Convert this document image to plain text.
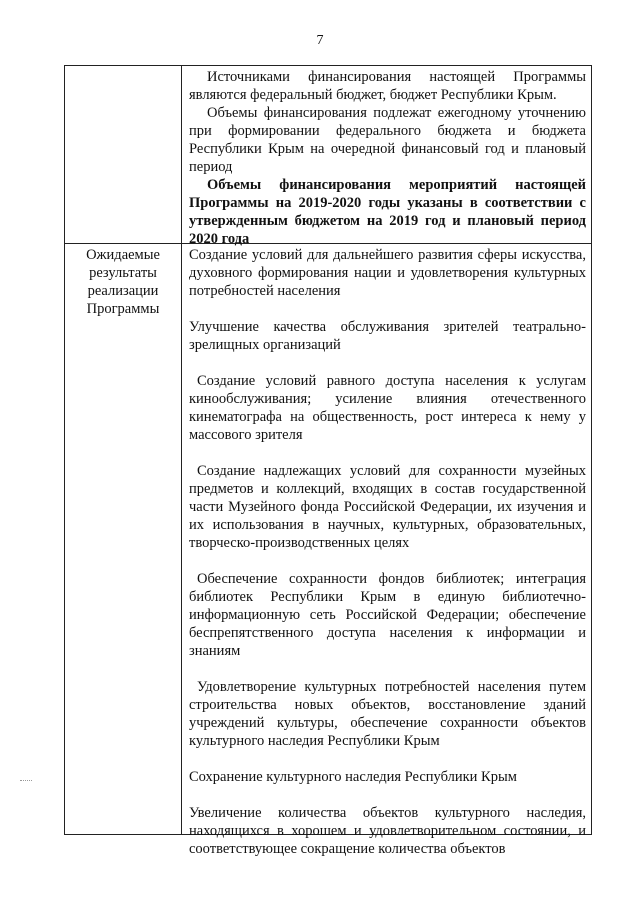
7

Источниками финансирования настоящей Программы являются федеральный бюджет, бюджет Республики Крым.

Объемы финансирования подлежат ежегодному уточнению при формировании федерального бюджета и бюджета Республики Крым на очередной финансовый год и плановый период

Объемы финансирования мероприятий настоящей Программы на 2019-2020 годы указаны в соответствии с утвержденным бюджетом на 2019 год и плановый период 2020 года

Ожидаемые результаты реализации Программы

Создание условий для дальнейшего развития сферы искусства, духовного формирования нации и удовлетворения культурных потребностей населения

Улучшение качества обслуживания зрителей театрально-зрелищных организаций

Создание условий равного доступа населения к услугам кинообслуживания; усиление влияния отечественного кинематографа на общественность, рост интереса к нему у массового зрителя

Создание надлежащих условий для сохранности музейных предметов и коллекций, входящих в состав государственной части Музейного фонда Российской Федерации, их изучения и их использования в научных, культурных, образовательных, творческо-производственных целях

Обеспечение сохранности фондов библиотек; интеграция библиотек Республики Крым в единую библиотечно-информационную сеть Российской Федерации; обеспечение беспрепятственного доступа населения к информации и знаниям

Удовлетворение культурных потребностей населения путем строительства новых объектов, восстановление зданий учреждений культуры, обеспечение сохранности объектов культурного наследия Республики Крым

Сохранение культурного наследия Республики Крым

Увеличение количества объектов культурного наследия, находящихся в хорошем и удовлетворительном состоянии, и соответствующее сокращение количества объектов
